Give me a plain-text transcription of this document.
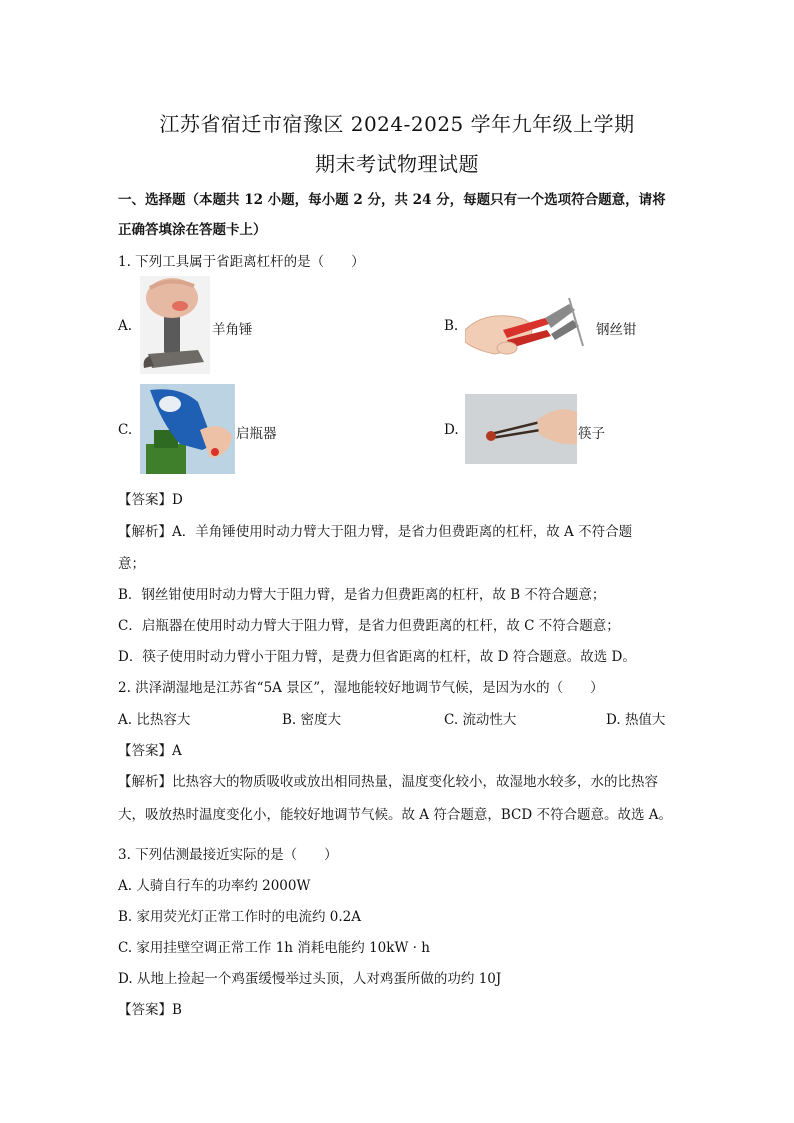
江苏省宿迁市宿豫区 2024-2025 学年九年级上学期
期末考试物理试题
一、选择题（本题共 12 小题，每小题 2 分，共 24 分，每题只有一个选项符合题意，请将
正确答填涂在答题卡上）
1. 下列工具属于省距离杠杆的是（　　）
A.	羊角锤	B.	钢丝钳
C.	启瓶器	D.	筷子
【答案】D
【解析】A．羊角锤使用时动力臂大于阻力臂，是省力但费距离的杠杆，故 A 不符合题
意；
B．钢丝钳使用时动力臂大于阻力臂，是省力但费距离的杠杆，故 B 不符合题意；
C．启瓶器在使用时动力臂大于阻力臂，是省力但费距离的杠杆，故 C 不符合题意；
D．筷子使用时动力臂小于阻力臂，是费力但省距离的杠杆，故 D 符合题意。故选 D。
2. 洪泽湖湿地是江苏省“5A 景区”，湿地能较好地调节气候，是因为水的（　　）
A. 比热容大	B. 密度大	C. 流动性大	D. 热值大
【答案】A
【解析】比热容大的物质吸收或放出相同热量，温度变化较小，故湿地水较多，水的比热容
大，吸放热时温度变化小，能较好地调节气候。故 A 符合题意，BCD 不符合题意。故选 A。
3. 下列估测最接近实际的是（　　）
A. 人骑自行车的功率约 2000W
B. 家用荧光灯正常工作时的电流约 0.2A
C. 家用挂壁空调正常工作 1h 消耗电能约 10kW · h
D. 从地上捡起一个鸡蛋缓慢举过头顶，人对鸡蛋所做的功约 10J
【答案】B
